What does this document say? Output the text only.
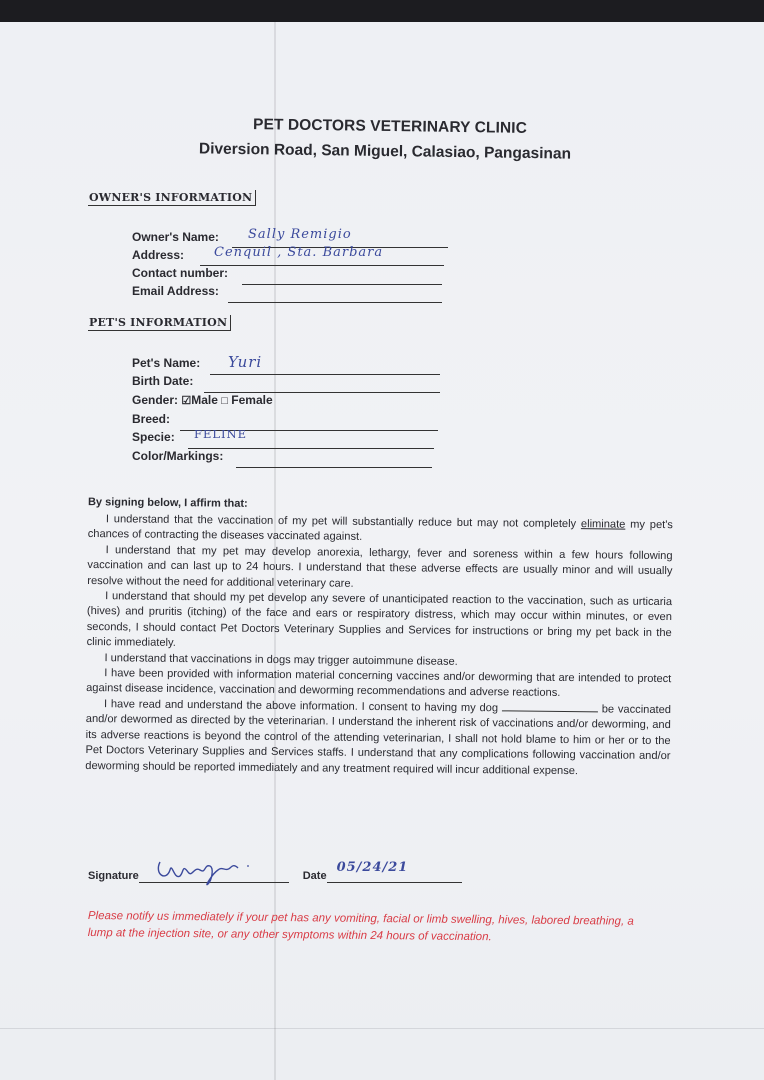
PET DOCTORS VETERINARY CLINIC
Diversion Road, San Miguel, Calasiao, Pangasinan
OWNER'S INFORMATION
Owner's Name: Sally Remigio
Address: Cenquil , Sta. Barbara
Contact number:
Email Address:
PET'S INFORMATION
Pet's Name: Yuri
Birth Date:
Gender: ☑Male □ Female
Breed:
Specie: FELINE
Color/Markings:
By signing below, I affirm that:

I understand that the vaccination of my pet will substantially reduce but may not completely eliminate my pet's chances of contracting the diseases vaccinated against.

I understand that my pet may develop anorexia, lethargy, fever and soreness within a few hours following vaccination and can last up to 24 hours. I understand that these adverse effects are usually minor and will usually resolve without the need for additional veterinary care.

I understand that should my pet develop any severe of unanticipated reaction to the vaccination, such as urticaria (hives) and pruritis (itching) of the face and ears or respiratory distress, which may occur within minutes, or even seconds, I should contact Pet Doctors Veterinary Supplies and Services for instructions or bring my pet back in the clinic immediately.

I understand that vaccinations in dogs may trigger autoimmune disease.

I have been provided with information material concerning vaccines and/or deworming that are intended to protect against disease incidence, vaccination and deworming recommendations and adverse reactions.

I have read and understand the above information. I consent to having my dog	be vaccinated and/or dewormed as directed by the veterinarian. I understand the inherent risk of vaccinations and/or deworming, and its adverse reactions is beyond the control of the attending veterinarian, I shall not hold blame to him or her or to the Pet Doctors Veterinary Supplies and Services staffs. I understand that any complications following vaccination and/or deworming should be reported immediately and any treatment required will incur additional expense.

Signature	Date
05/24/21
Please notify us immediately if your pet has any vomiting, facial or limb swelling, hives, labored breathing, a lump at the injection site, or any other symptoms within 24 hours of vaccination.
